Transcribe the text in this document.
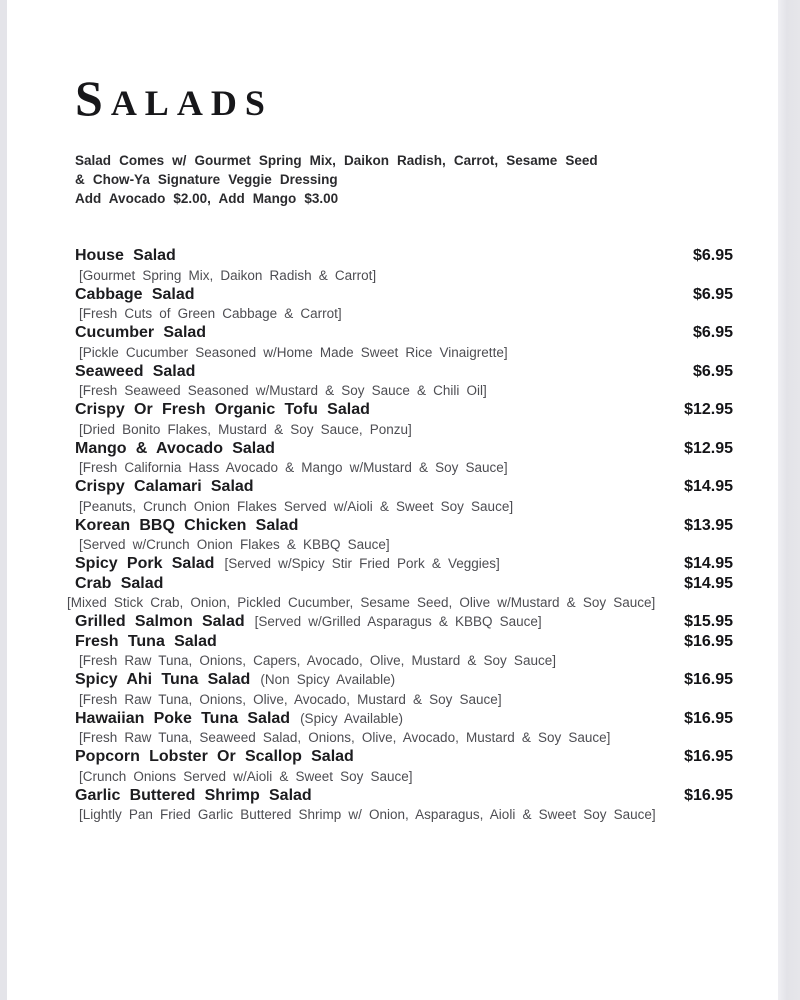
SALADS
Salad Comes w/ Gourmet Spring Mix, Daikon Radish, Carrot, Sesame Seed
& Chow-Ya Signature Veggie Dressing
Add Avocado $2.00, Add Mango $3.00
House Salad	$6.95
[Gourmet Spring Mix, Daikon Radish & Carrot]
Cabbage Salad	$6.95
[Fresh Cuts of Green Cabbage & Carrot]
Cucumber Salad	$6.95
[Pickle Cucumber Seasoned w/Home Made Sweet Rice Vinaigrette]
Seaweed Salad	$6.95
[Fresh Seaweed Seasoned w/Mustard & Soy Sauce & Chili Oil]
Crispy Or Fresh Organic Tofu Salad	$12.95
[Dried Bonito Flakes, Mustard & Soy Sauce, Ponzu]
Mango & Avocado Salad	$12.95
[Fresh California Hass Avocado & Mango w/Mustard & Soy Sauce]
Crispy Calamari Salad	$14.95
[Peanuts, Crunch Onion Flakes Served w/Aioli & Sweet Soy Sauce]
Korean BBQ Chicken Salad	$13.95
[Served w/Crunch Onion Flakes & KBBQ Sauce]
Spicy Pork Salad [Served w/Spicy Stir Fried Pork & Veggies]	$14.95
Crab Salad	$14.95
[Mixed Stick Crab, Onion, Pickled Cucumber, Sesame Seed, Olive w/Mustard & Soy Sauce]
Grilled Salmon Salad [Served w/Grilled Asparagus & KBBQ Sauce]	$15.95
Fresh Tuna Salad	$16.95
[Fresh Raw Tuna, Onions, Capers, Avocado, Olive, Mustard & Soy Sauce]
Spicy Ahi Tuna Salad (Non Spicy Available)	$16.95
[Fresh Raw Tuna, Onions, Olive, Avocado, Mustard & Soy Sauce]
Hawaiian Poke Tuna Salad (Spicy Available)	$16.95
[Fresh Raw Tuna, Seaweed Salad, Onions, Olive, Avocado, Mustard & Soy Sauce]
Popcorn Lobster Or Scallop Salad	$16.95
[Crunch Onions Served w/Aioli & Sweet Soy Sauce]
Garlic Buttered Shrimp Salad	$16.95
[Lightly Pan Fried Garlic Buttered Shrimp w/ Onion, Asparagus, Aioli & Sweet Soy Sauce]
